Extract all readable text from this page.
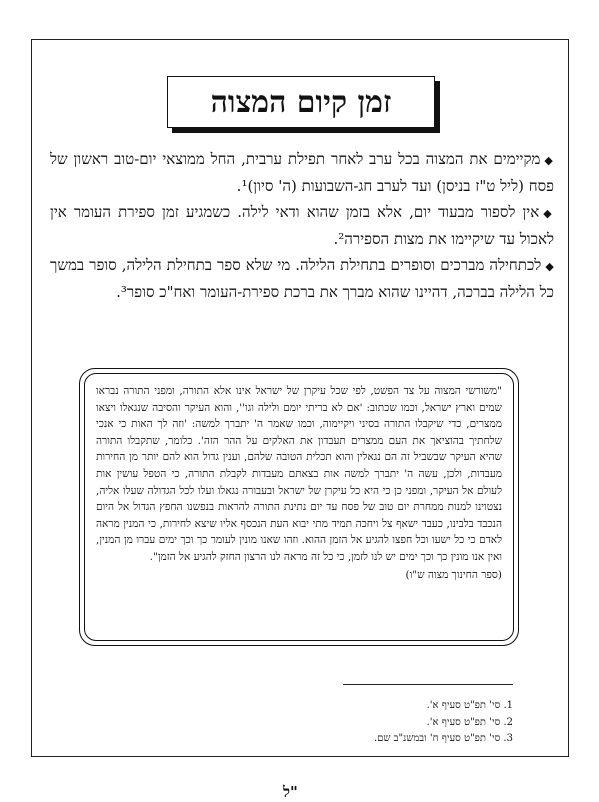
זמן קיום המצוה

◆מקיימים את המצוה בכל ערב לאחר תפילת ערבית, החל ממוצאי יום-טוב ראשון של פסח (ליל ט"ז בניסן) ועד לערב חג-השבועות (ה' סיון)¹.

◆אין לספור מבעוד יום, אלא בזמן שהוא ודאי לילה. כשמגיע זמן ספירת העומר אין לאכול עד שיקיימו את מצות הספירה².

◆לכתחילה מברכים וסופרים בתחילת הלילה. מי שלא ספר בתחילת הלילה, סופר במשך כל הלילה בברכה, דהיינו שהוא מברך את ברכת ספירת-העומר ואח"כ סופר³.

"משורשי המצוה על צד הפשט, לפי שכל עיקרן של ישראל אינו אלא התורה, ומפני התורה נבראו שמים וארץ ישראל, וכמו שכתוב: 'אם לא בריתי יומם ולילה וגו'', והוא העיקר והסיבה שנגאלו ויצאו ממצרים, כדי שיקבלו התורה בסיני ויקיימוה, וכמו שאמר ה' יתברך למשה: 'וזה לך האות כי אנכי שלחתיך בהוציאך את העם ממצרים תעבדון את האלקים על ההר הזה'. כלומר, שתקבלו התורה שהיא העיקר שבשביל זה הם נגאלין והוא תכלית הטובה שלהם, וענין גדול הוא להם יותר מן החירות מעבדות, ולכן, עשה ה' יתברך למשה אות בצאתם מעבדות לקבלת התורה, כי הטפל עושין אות לעולם אל העיקר, ומפני כן כי היא כל עיקרן של ישראל ובעבורה נגאלו ועלו לכל הגדולה שעלו אליה, נצטוינו למנות ממחרת יום טוב של פסח עד יום נתינת התורה להראות בנפשנו החפץ הגדול אל היום הנכבד בלבינו, כעבד ישאף צל ויחכה תמיד מתי יבוא העת הנכסף אליו שיצא לחירות, כי המנין מראה לאדם כי כל ישעו וכל חפצו להגיע אל הזמן ההוא. וזהו שאנו מונין לעומר כך וכך ימים עברו מן המנין, ואין אנו מונין כך וכך ימים יש לנו לזמן, כי כל זה מראה לנו הרצון החזק להגיע אל הזמן".
(ספר החינוך מצוה ש"ו)
1. סי' תפ"ט סעיף א'.
2. סי' תפ"ט סעיף א'.
3. סי' תפ"ט סעיף ח' ובמשנ"ב שם.
ל"
